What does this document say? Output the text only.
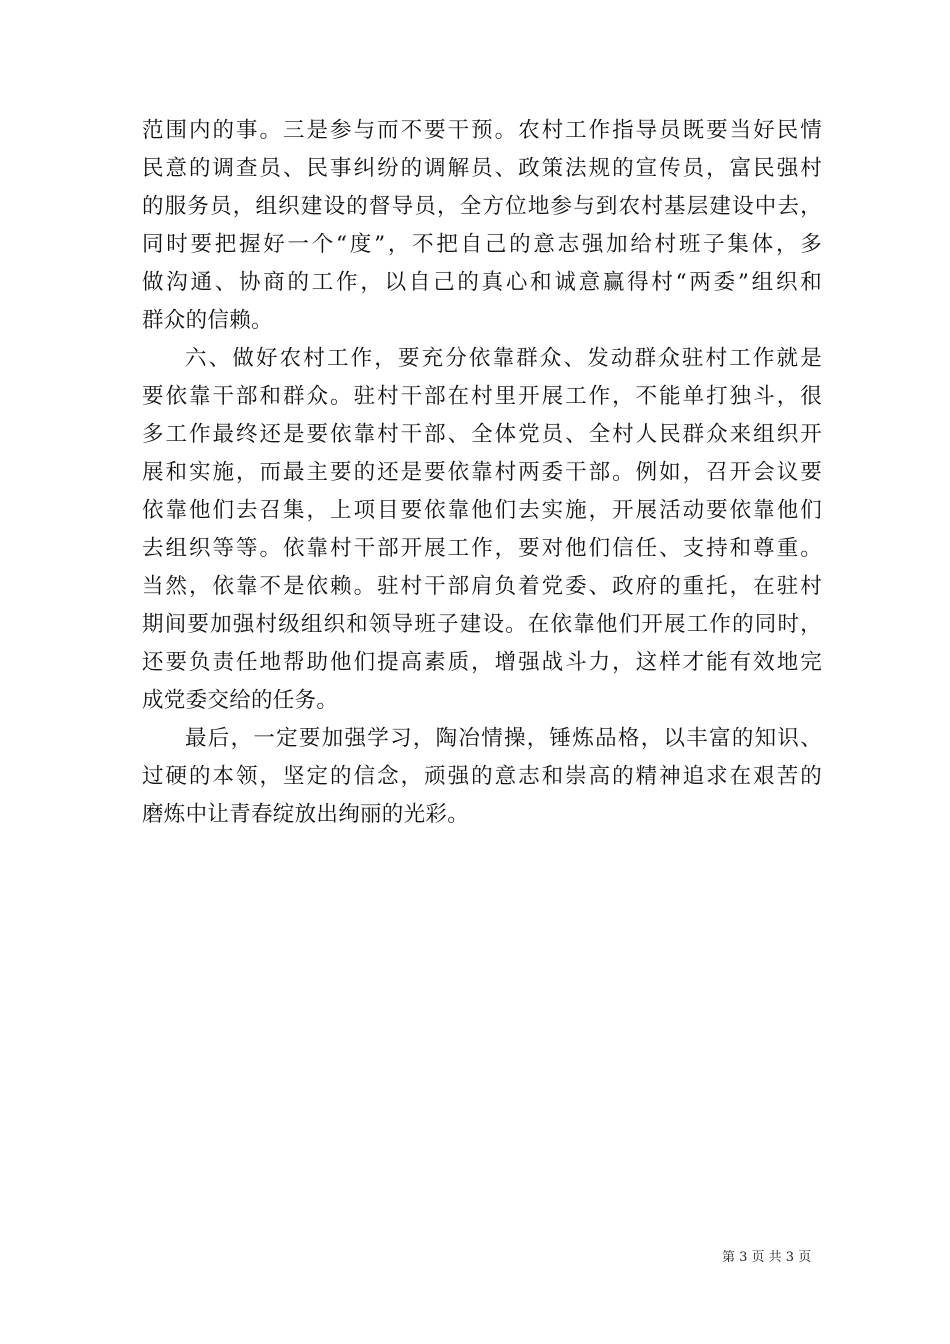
范围内的事。三是参与而不要干预。农村工作指导员既要当好民情
民意的调查员、民事纠纷的调解员、政策法规的宣传员，富民强村
的服务员，组织建设的督导员，全方位地参与到农村基层建设中去，
同时要把握好一个“度”，不把自己的意志强加给村班子集体，多
做沟通、协商的工作，以自己的真心和诚意赢得村“两委”组织和
群众的信赖。
六、做好农村工作，要充分依靠群众、发动群众驻村工作就是
要依靠干部和群众。驻村干部在村里开展工作，不能单打独斗，很
多工作最终还是要依靠村干部、全体党员、全村人民群众来组织开
展和实施，而最主要的还是要依靠村两委干部。例如，召开会议要
依靠他们去召集，上项目要依靠他们去实施，开展活动要依靠他们
去组织等等。依靠村干部开展工作，要对他们信任、支持和尊重。
当然，依靠不是依赖。驻村干部肩负着党委、政府的重托，在驻村
期间要加强村级组织和领导班子建设。在依靠他们开展工作的同时，
还要负责任地帮助他们提高素质，增强战斗力，这样才能有效地完
成党委交给的任务。
最后，一定要加强学习，陶冶情操，锤炼品格，以丰富的知识、
过硬的本领，坚定的信念，顽强的意志和崇高的精神追求在艰苦的
磨炼中让青春绽放出绚丽的光彩。
第 3 页 共 3 页
